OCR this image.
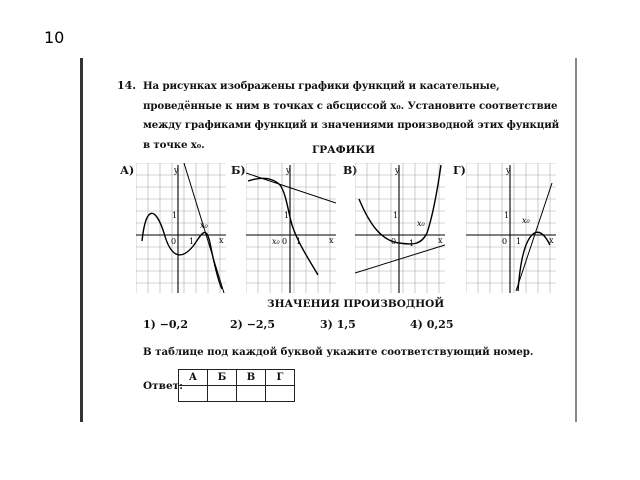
10
14. На рисунках изображены графики функций и касательные, проведённые к ним в точках с абсциссой x₀. Установите соответствие между графиками функций и значениями производной этих функций в точке x₀.	ГРАФИКИ
А)	Б)	В)	Г)
y
x
0
1
1
x₀
y
x
0
1
1
x₀
y
x
0
1
1
x₀
y
x
0
1
1
x₀
ЗНАЧЕНИЯ ПРОИЗВОДНОЙ
1) −0,2	2) −2,5	3) 1,5	4) 0,25
В таблице под каждой буквой укажите соответствующий номер.
Ответ:
А	Б	В	Г
